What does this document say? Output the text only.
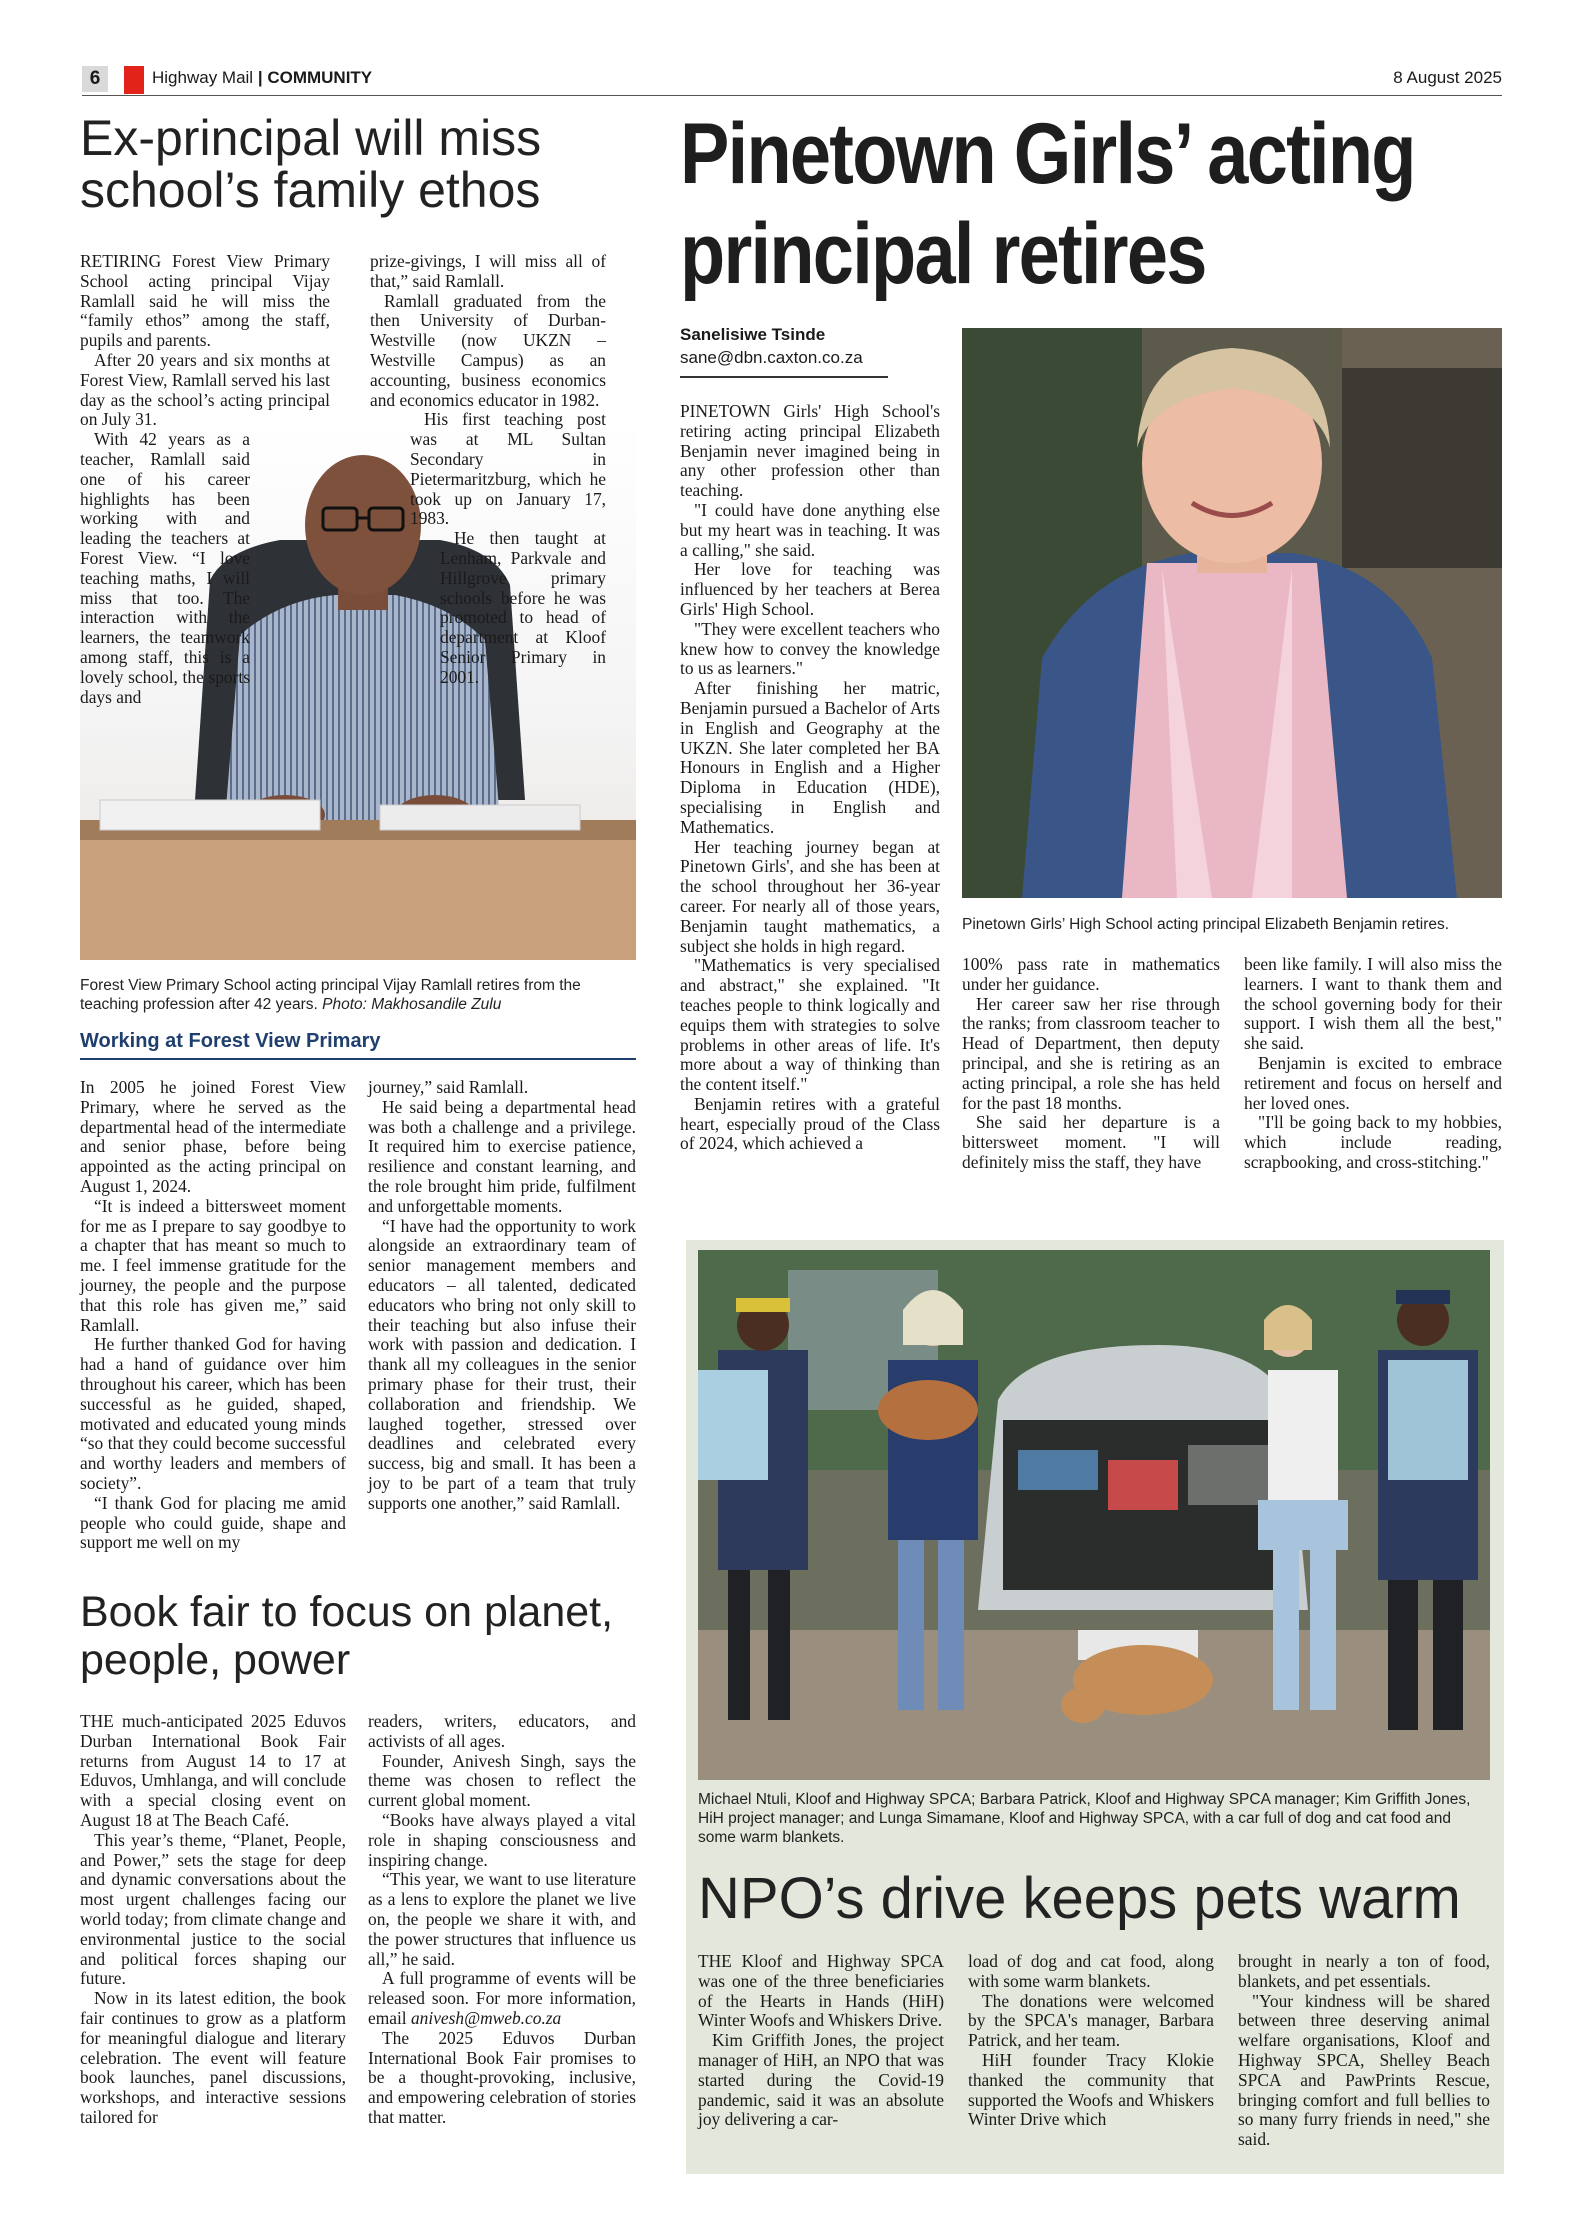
6	Highway Mail | COMMUNITY	8 August 2025
Ex-principal will miss school’s family ethos

RETIRING Forest View Primary School acting principal Vijay Ramlall said he will miss the “family ethos” among the staff, pupils and parents.

After 20 years and six months at Forest View, Ramlall served his last day as the school’s acting principal on July 31.

With 42 years as a teacher, Ramlall said one of his career highlights has been working with and leading the teachers at Forest View. “I love teaching maths, I will miss that too. The interaction with the learners, the teamwork among staff, this is a lovely school, the sports days and

prize-givings, I will miss all of that,” said Ramlall.

Ramlall graduated from the then University of Durban-Westville (now UKZN – Westville Campus) as an accounting, business economics and economics educator in 1982.

His first teaching post was at ML Sultan Secondary in Pietermaritzburg, which he took up on January 17, 1983.

He then taught at Lenham, Parkvale and Hillgrove primary schools before he was promoted to head of department at Kloof Senior Primary in 2001.

Forest View Primary School acting principal Vijay Ramlall retires from the teaching profession after 42 years. Photo: Makhosandile Zulu
Working at Forest View Primary

In 2005 he joined Forest View Primary, where he served as the departmental head of the intermediate and senior phase, before being appointed as the acting principal on August 1, 2024.

“It is indeed a bittersweet moment for me as I prepare to say goodbye to a chapter that has meant so much to me. I feel immense gratitude for the journey, the people and the purpose that this role has given me,” said Ramlall.

He further thanked God for having had a hand of guidance over him throughout his career, which has been successful as he guided, shaped, motivated and educated young minds “so that they could become successful and worthy leaders and members of society”.

“I thank God for placing me amid people who could guide, shape and support me well on my

journey,” said Ramlall.

He said being a departmental head was both a challenge and a privilege. It required him to exercise patience, resilience and constant learning, and the role brought him pride, fulfilment and unforgettable moments.

“I have had the opportunity to work alongside an extraordinary team of senior management members and educators – all talented, dedicated educators who bring not only skill to their teaching but also infuse their work with passion and dedication. I thank all my colleagues in the senior primary phase for their trust, their collaboration and friendship. We laughed together, stressed over deadlines and celebrated every success, big and small. It has been a joy to be part of a team that truly supports one another,” said Ramlall.

Book fair to focus on planet, people, power

THE much-anticipated 2025 Eduvos Durban International Book Fair returns from August 14 to 17 at Eduvos, Umhlanga, and will conclude with a special closing event on August 18 at The Beach Café.

This year’s theme, “Planet, People, and Power,” sets the stage for deep and dynamic conversations about the most urgent challenges facing our world today; from climate change and environmental justice to the social and political forces shaping our future.

Now in its latest edition, the book fair continues to grow as a platform for meaningful dialogue and literary celebration. The event will feature book launches, panel discussions, workshops, and interactive sessions tailored for

readers, writers, educators, and activists of all ages.

Founder, Anivesh Singh, says the theme was chosen to reflect the current global moment.

“Books have always played a vital role in shaping consciousness and inspiring change.

“This year, we want to use literature as a lens to explore the planet we live on, the people we share it with, and the power structures that influence us all,” he said.

A full programme of events will be released soon. For more information, email anivesh@mweb.co.za

The 2025 Eduvos Durban International Book Fair promises to be a thought-provoking, inclusive, and empowering celebration of stories that matter.

Pinetown Girls’ acting principal retires
Sanelisiwe Tsinde
sane@dbn.caxton.co.za

PINETOWN Girls' High School's retiring acting principal Elizabeth Benjamin never imagined being in any other profession other than teaching.

"I could have done anything else but my heart was in teaching. It was a calling," she said.

Her love for teaching was influenced by her teachers at Berea Girls' High School.

"They were excellent teachers who knew how to convey the knowledge to us as learners."

After finishing her matric, Benjamin pursued a Bachelor of Arts in English and Geography at the UKZN. She later completed her BA Honours in English and a Higher Diploma in Education (HDE), specialising in English and Mathematics.

Her teaching journey began at Pinetown Girls', and she has been at the school throughout her 36-year career. For nearly all of those years, Benjamin taught mathematics, a subject she holds in high regard.

"Mathematics is very specialised and abstract," she explained. "It teaches people to think logically and equips them with strategies to solve problems in other areas of life. It's more about a way of thinking than the content itself."

Benjamin retires with a grateful heart, especially proud of the Class of 2024, which achieved a

Pinetown Girls’ High School acting principal Elizabeth Benjamin retires.

100% pass rate in mathematics under her guidance.

Her career saw her rise through the ranks; from classroom teacher to Head of Department, then deputy principal, and she is retiring as an acting principal, a role she has held for the past 18 months.

She said her departure is a bittersweet moment. "I will definitely miss the staff, they have

been like family. I will also miss the learners. I want to thank them and the school governing body for their support. I wish them all the best," she said.

Benjamin is excited to embrace retirement and focus on herself and her loved ones.

"I'll be going back to my hobbies, which include reading, scrapbooking, and cross-stitching."

Michael Ntuli, Kloof and Highway SPCA; Barbara Patrick, Kloof and Highway SPCA manager; Kim Griffith Jones, HiH project manager; and Lunga Simamane, Kloof and Highway SPCA, with a car full of dog and cat food and some warm blankets.
NPO’s drive keeps pets warm

THE Kloof and Highway SPCA was one of the three beneficiaries of the Hearts in Hands (HiH) Winter Woofs and Whiskers Drive.

Kim Griffith Jones, the project manager of HiH, an NPO that was started during the Covid-19 pandemic, said it was an absolute joy delivering a car-

load of dog and cat food, along with some warm blankets.

The donations were welcomed by the SPCA's manager, Barbara Patrick, and her team.

HiH founder Tracy Klokie thanked the community that supported the Woofs and Whiskers Winter Drive which

brought in nearly a ton of food, blankets, and pet essentials.

"Your kindness will be shared between three deserving animal welfare organisations, Kloof and Highway SPCA, Shelley Beach SPCA and PawPrints Rescue, bringing comfort and full bellies to so many furry friends in need," she said.
